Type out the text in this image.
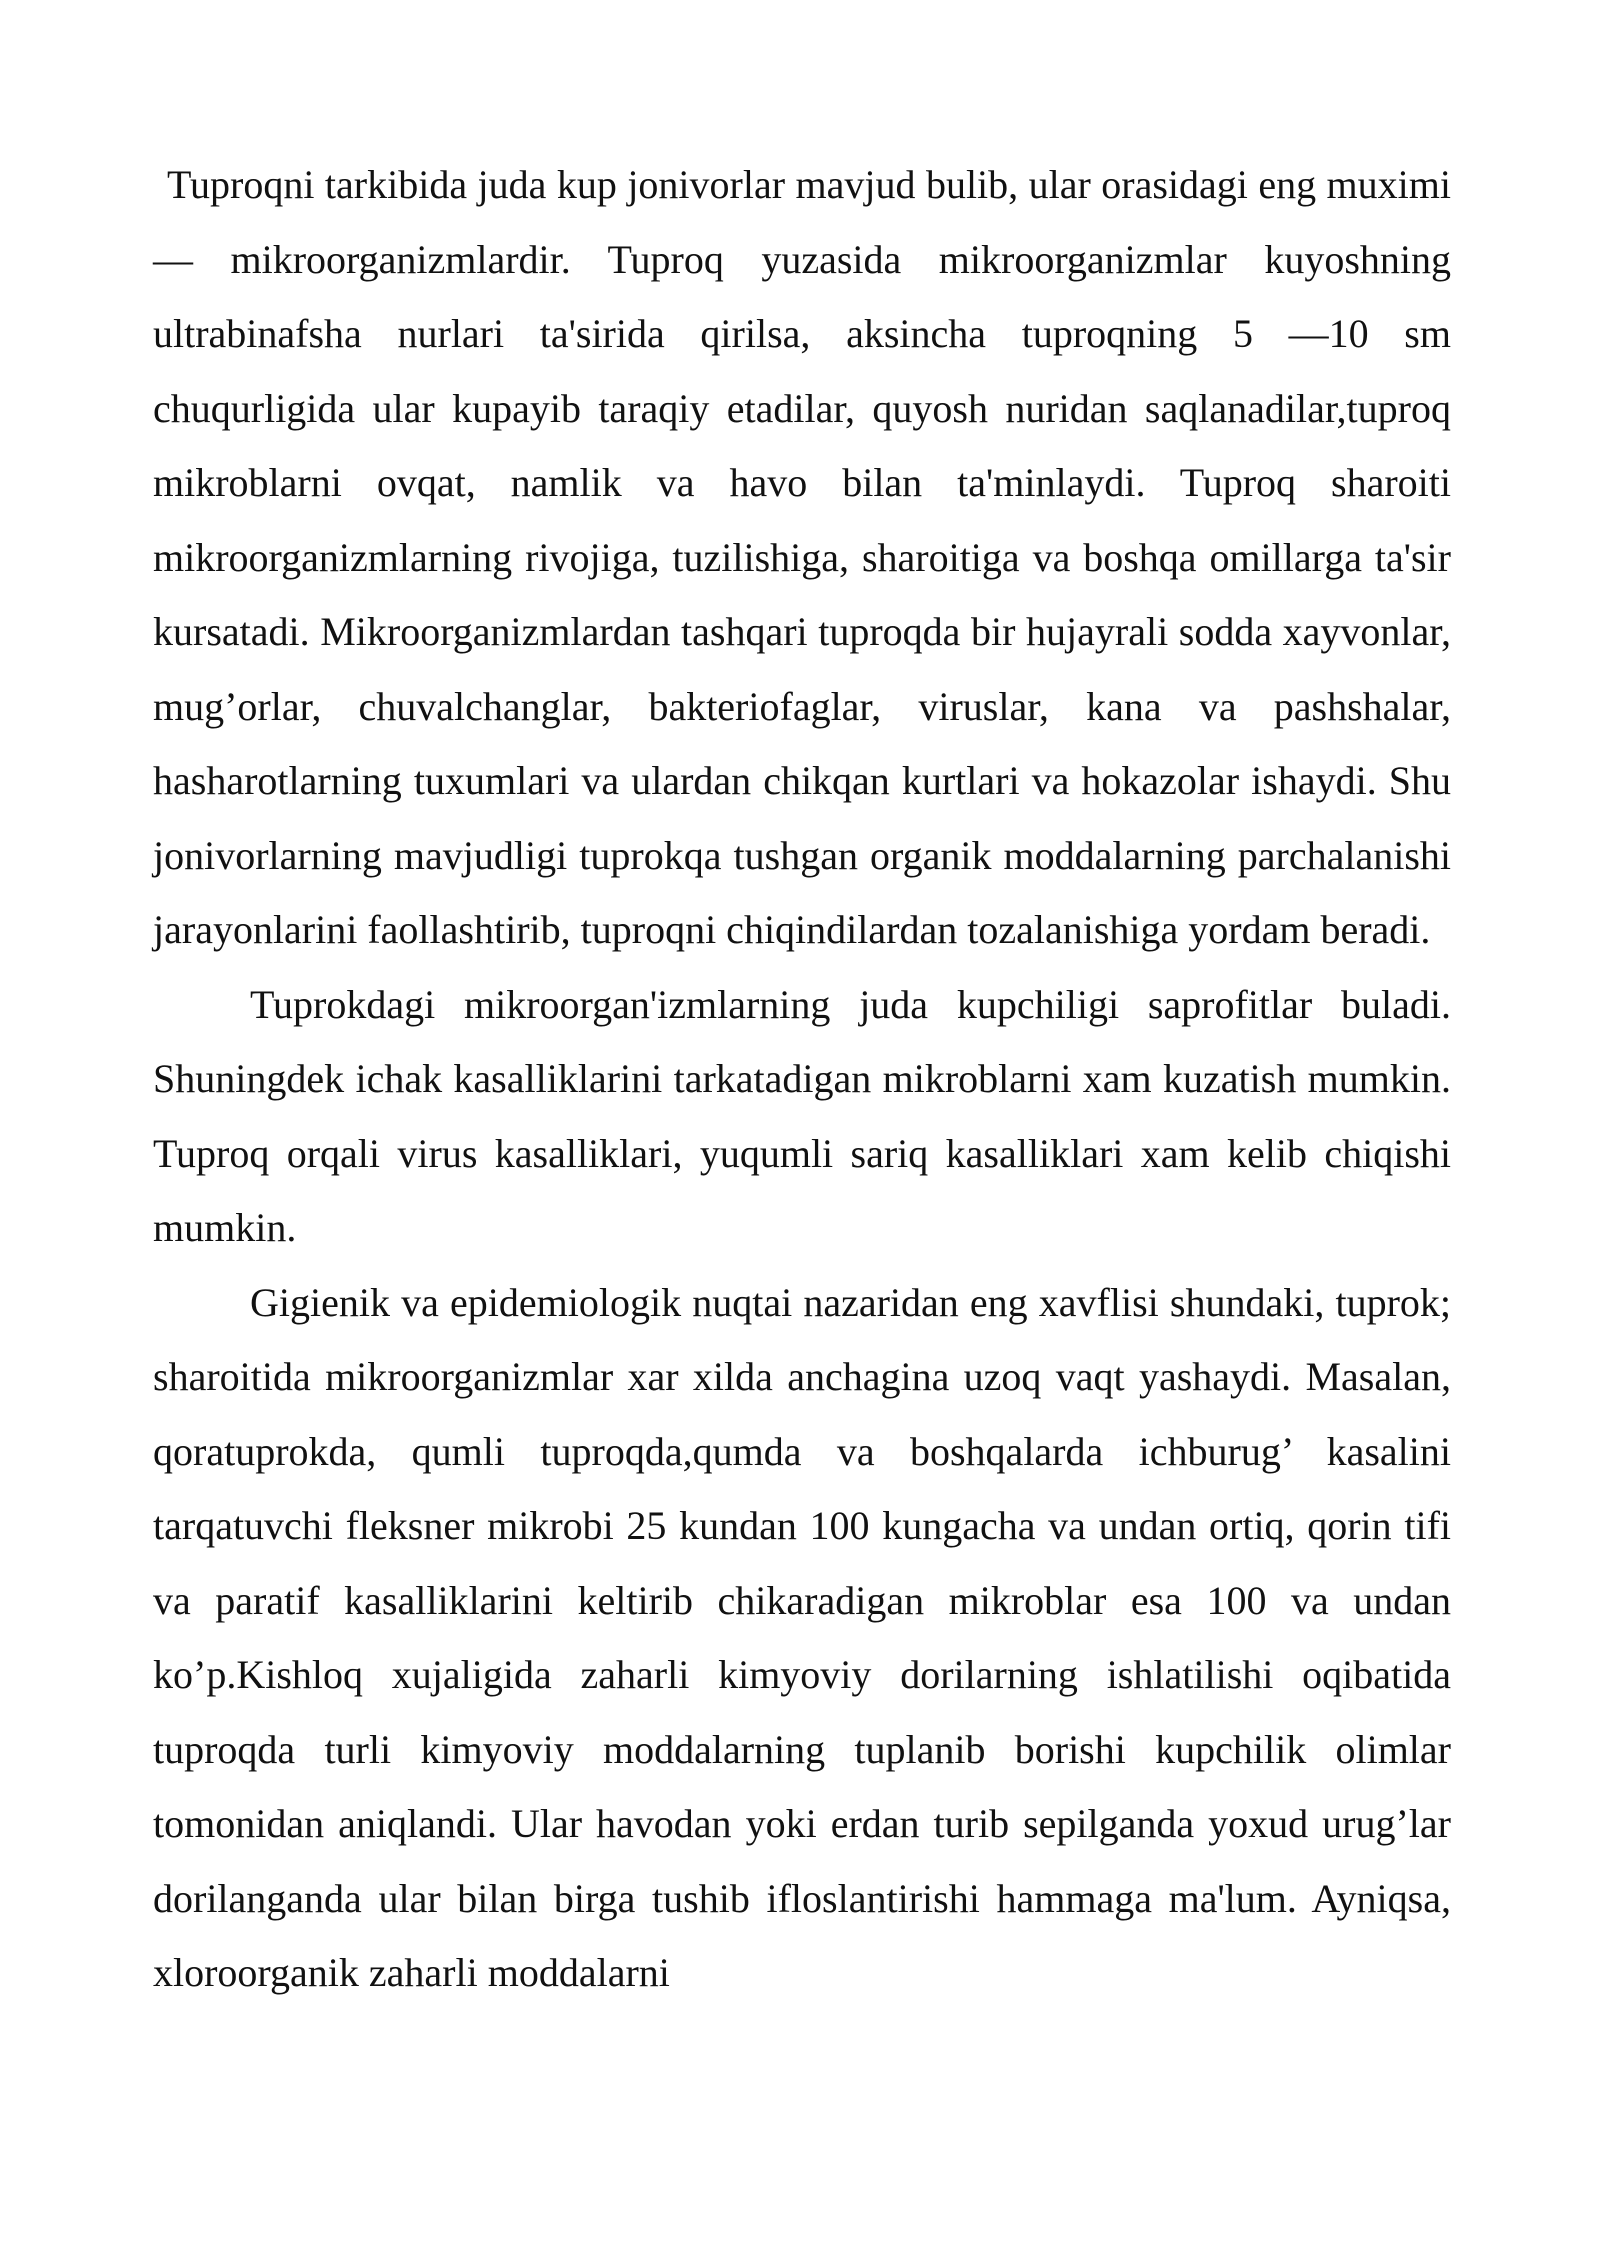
Tuproqni tarkibida juda kup jonivorlar mavjud bulib, ular orasidagi eng muximi — mikroorganizmlardir. Tuproq yuzasida mikroorganizmlar kuyoshning ultrabinafsha nurlari ta'sirida qirilsa, aksincha tuproqning 5 —10 sm chuqurligida ular kupayib taraqiy etadilar, quyosh nuridan saqlanadilar,tuproq mikroblarni ovqat, namlik va havo bilan ta'minlaydi. Tuproq sharoiti mikroorganizmlarning rivojiga, tuzilishiga, sharoitiga va boshqa omillarga ta'sir kursatadi. Mikroorganizmlardan tashqari tuproqda bir hujayrali sodda xayvonlar, mug’orlar, chuvalchanglar, bakteriofaglar, viruslar, kana va pashshalar, hasharotlarning tuxumlari va ulardan chikqan kurtlari va hokazolar ishaydi. Shu jonivorlarning mavjudligi tuprokqa tushgan organik moddalarning parchalanishi jarayonlarini faollashtirib, tuproqni chiqindilardan tozalanishiga yordam beradi.

Tuprokdagi mikroorgan'izmlarning juda kupchiligi saprofitlar buladi. Shuningdek ichak kasalliklarini tarkatadigan mikroblarni xam kuzatish mumkin. Tuproq orqali virus kasalliklari, yuqumli sariq kasalliklari xam kelib chiqishi mumkin.

Gigienik va epidemiologik nuqtai nazaridan eng xavflisi shundaki, tuprok; sharoitida mikroorganizmlar xar xilda anchagina uzoq vaqt yashaydi. Masalan, qoratuprokda, qumli tuproqda,qumda va boshqalarda ichburug’ kasalini tarqatuvchi fleksner mikrobi 25 kundan 100 kungacha va undan ortiq, qorin tifi va paratif kasalliklarini keltirib chikaradigan mikroblar esa 100 va undan ko’p.Kishloq xujaligida zaharli kimyoviy dorilarning ishlatilishi oqibatida tuproqda turli kimyoviy moddalarning tuplanib borishi kupchilik olimlar tomonidan aniqlandi. Ular havodan yoki erdan turib sepilganda yoxud urug’lar dorilanganda ular bilan birga tushib ifloslantirishi hammaga ma'lum. Ayniqsa, xloroorganik zaharli moddalarni
